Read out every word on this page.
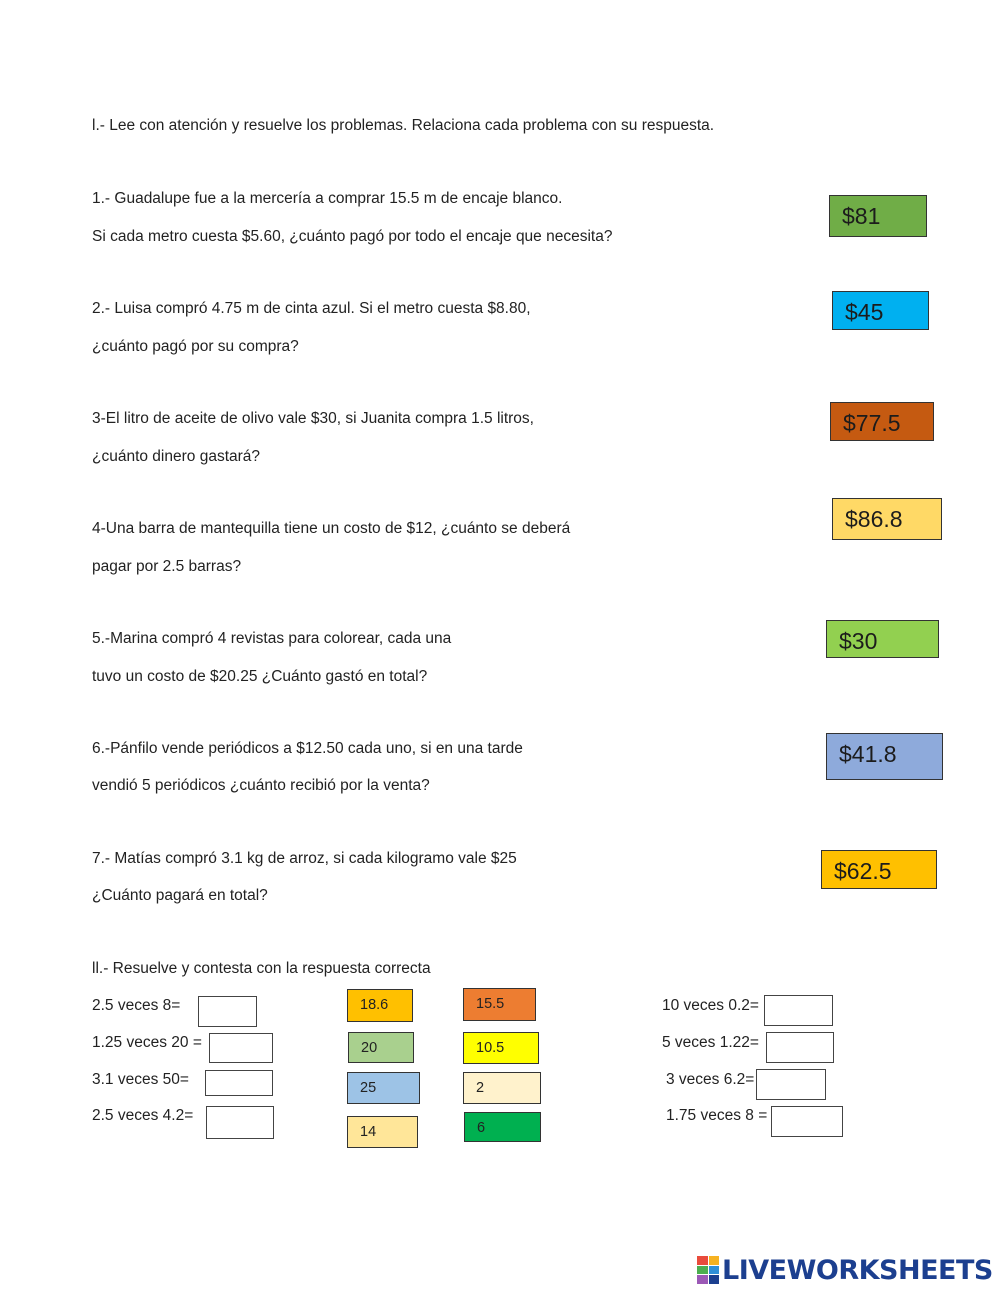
l.- Lee con atención y resuelve los problemas. Relaciona cada problema con su respuesta.
1.- Guadalupe fue a la mercería a comprar 15.5 m de encaje blanco.
Si cada metro cuesta $5.60, ¿cuánto pagó por todo el encaje que necesita?
2.- Luisa compró 4.75 m de cinta azul. Si el metro cuesta $8.80,
¿cuánto pagó por su compra?
3-El litro de aceite de olivo vale $30, si Juanita compra 1.5 litros,
¿cuánto dinero gastará?
4-Una barra de mantequilla tiene un costo de $12, ¿cuánto se deberá
pagar por 2.5 barras?
5.-Marina compró 4 revistas para colorear, cada una
tuvo un costo de $20.25 ¿Cuánto gastó en total?
6.-Pánfilo vende periódicos a $12.50 cada uno, si en una tarde
vendió 5 periódicos ¿cuánto recibió por la venta?
7.- Matías compró 3.1 kg de arroz, si cada kilogramo vale $25
¿Cuánto pagará en total?
$81
$45
$77.5
$86.8
$30
$41.8
$62.5
ll.- Resuelve y contesta con la respuesta correcta
2.5 veces 8=
1.25 veces 20 =
3.1 veces 50=
2.5 veces 4.2=
18.6	15.5
20	10.5
25	2
14	6
10 veces 0.2=
5 veces 1.22=
3 veces 6.2=
1.75 veces 8 =
LIVEWORKSHEETS
